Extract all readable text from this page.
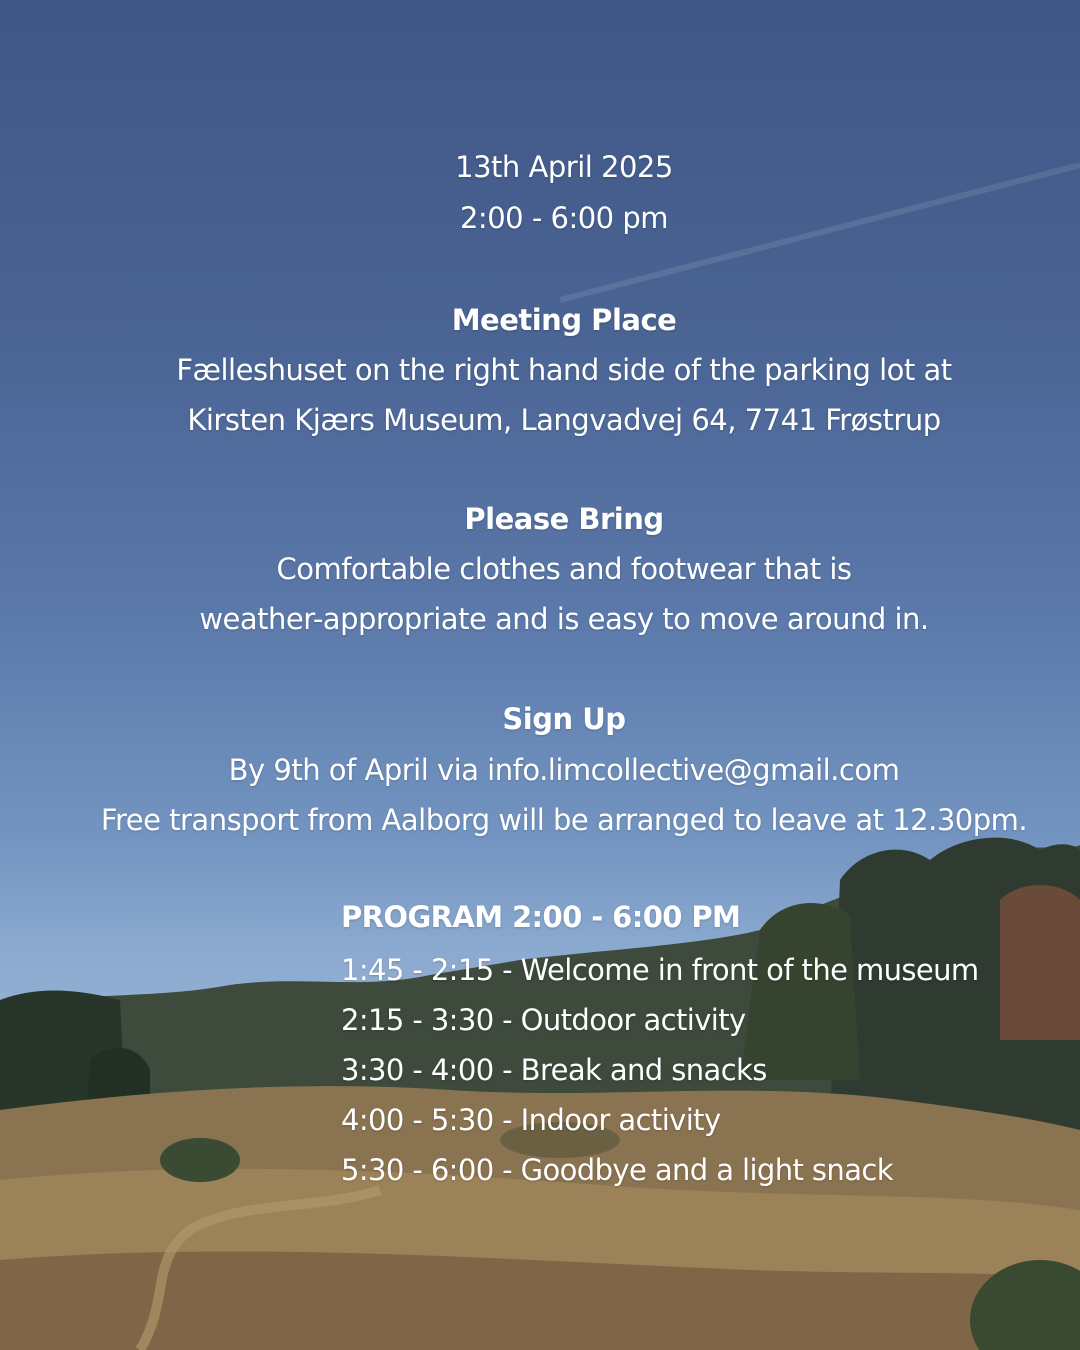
13th April 2025
2:00 - 6:00 pm
Meeting Place
Fælleshuset on the right hand side of the parking lot at
Kirsten Kjærs Museum, Langvadvej 64, 7741 Frøstrup
Please Bring
Comfortable clothes and footwear that is
weather-appropriate and is easy to move around in.
Sign Up
By 9th of April via info.limcollective@gmail.com
Free transport from Aalborg will be arranged to leave at 12.30pm.
PROGRAM 2:00 - 6:00 PM
1:45 - 2:15 - Welcome in front of the museum
2:15 - 3:30 - Outdoor activity
3:30 - 4:00 - Break and snacks
4:00 - 5:30 - Indoor activity
5:30 - 6:00 - Goodbye and a light snack
